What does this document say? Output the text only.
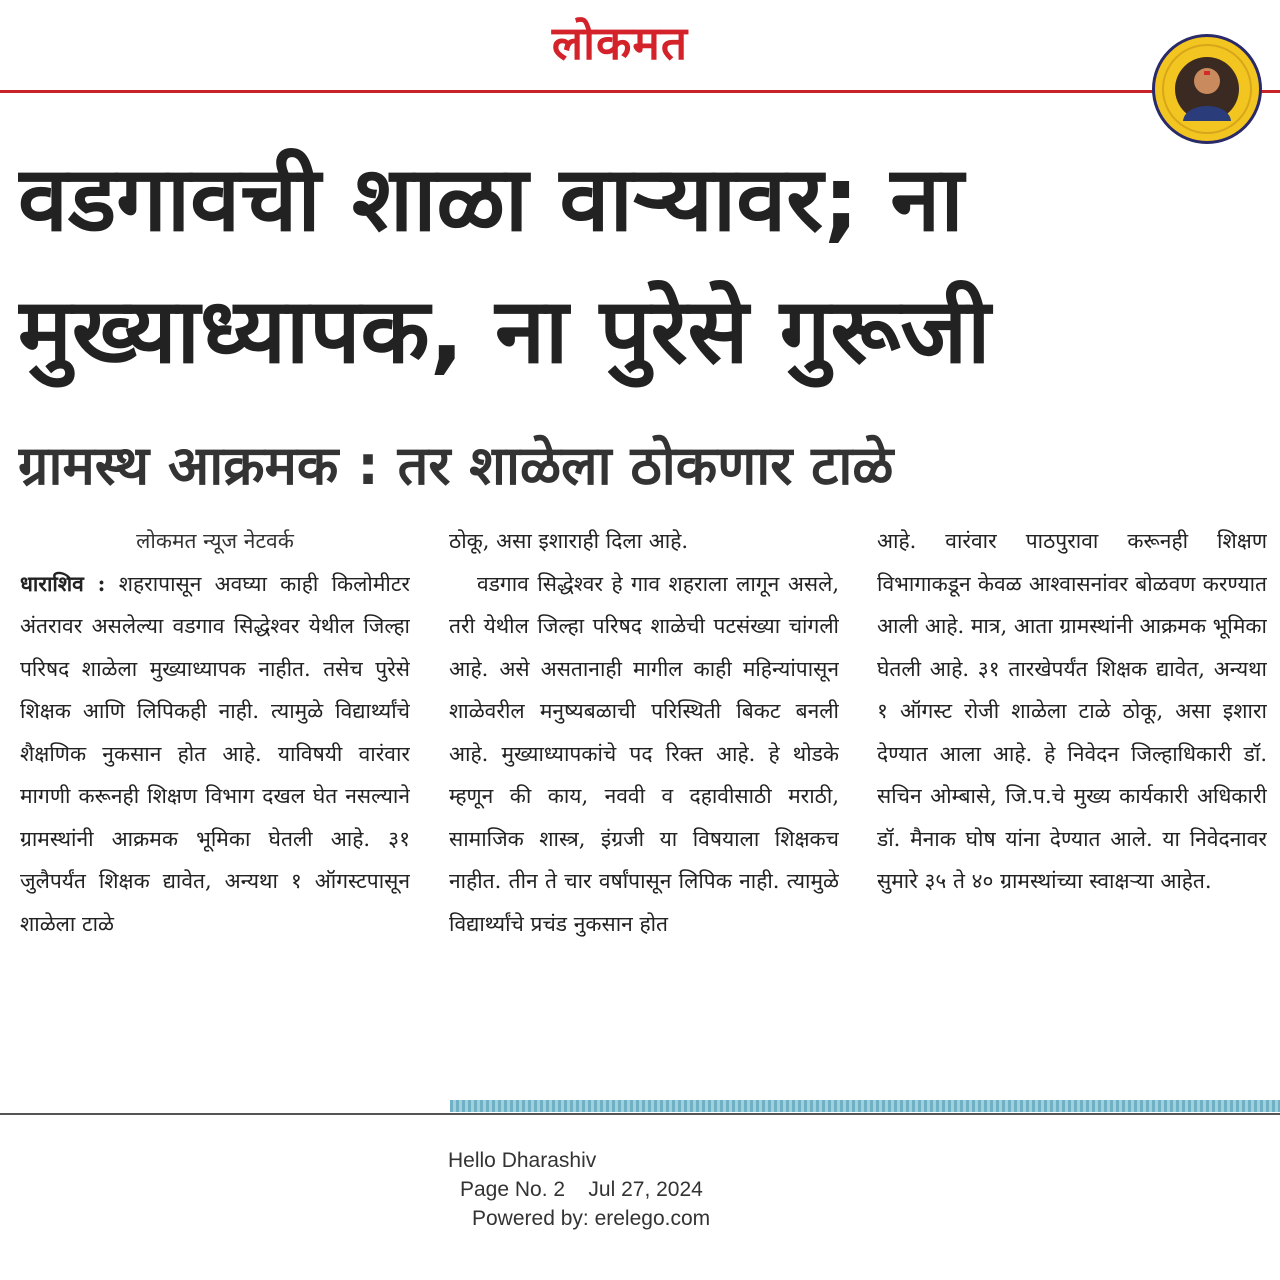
लोकमत
वडगावची शाळा वाऱ्यावर; ना
मुख्याध्यापक, ना पुरेसे गुरूजी
ग्रामस्थ आक्रमक : तर शाळेला ठोकणार टाळे
लोकमत न्यूज नेटवर्क
धाराशिव : शहरापासून अवघ्या काही किलोमीटर अंतरावर असलेल्या वडगाव सिद्धेश्वर येथील जिल्हा परिषद शाळेला मुख्याध्यापक नाहीत. तसेच पुरेसे शिक्षक आणि लिपिकही नाही. त्यामुळे विद्यार्थ्यांचे शैक्षणिक नुकसान होत आहे. याविषयी वारंवार मागणी करूनही शिक्षण विभाग दखल घेत नसल्याने ग्रामस्थांनी आक्रमक भूमिका घेतली आहे. ३१ जुलैपर्यंत शिक्षक द्यावेत, अन्यथा १ ऑगस्टपासून शाळेला टाळे
ठोकू, असा इशाराही दिला आहे.
वडगाव सिद्धेश्वर हे गाव शहराला लागून असले, तरी येथील जिल्हा परिषद शाळेची पटसंख्या चांगली आहे. असे असतानाही मागील काही महिन्यांपासून शाळेवरील मनुष्यबळाची परिस्थिती बिकट बनली आहे. मुख्याध्यापकांचे पद रिक्त आहे. हे थोडके म्हणून की काय, नववी व दहावीसाठी मराठी, सामाजिक शास्त्र, इंग्रजी या विषयाला शिक्षकच नाहीत. तीन ते चार वर्षांपासून लिपिक नाही. त्यामुळे विद्यार्थ्यांचे प्रचंड नुकसान होत
आहे. वारंवार पाठपुरावा करूनही शिक्षण विभागाकडून केवळ आश्वासनांवर बोळवण करण्यात आली आहे. मात्र, आता ग्रामस्थांनी आक्रमक भूमिका घेतली आहे. ३१ तारखेपर्यंत शिक्षक द्यावेत, अन्यथा १ ऑगस्ट रोजी शाळेला टाळे ठोकू, असा इशारा देण्यात आला आहे. हे निवेदन जिल्हाधिकारी डॉ. सचिन ओम्बासे, जि.प.चे मुख्य कार्यकारी अधिकारी डॉ. मैनाक घोष यांना देण्यात आले. या निवेदनावर सुमारे ३५ ते ४० ग्रामस्थांच्या स्वाक्षऱ्या आहेत.
Hello Dharashiv
Page No. 2 Jul 27, 2024
Powered by: erelego.com
